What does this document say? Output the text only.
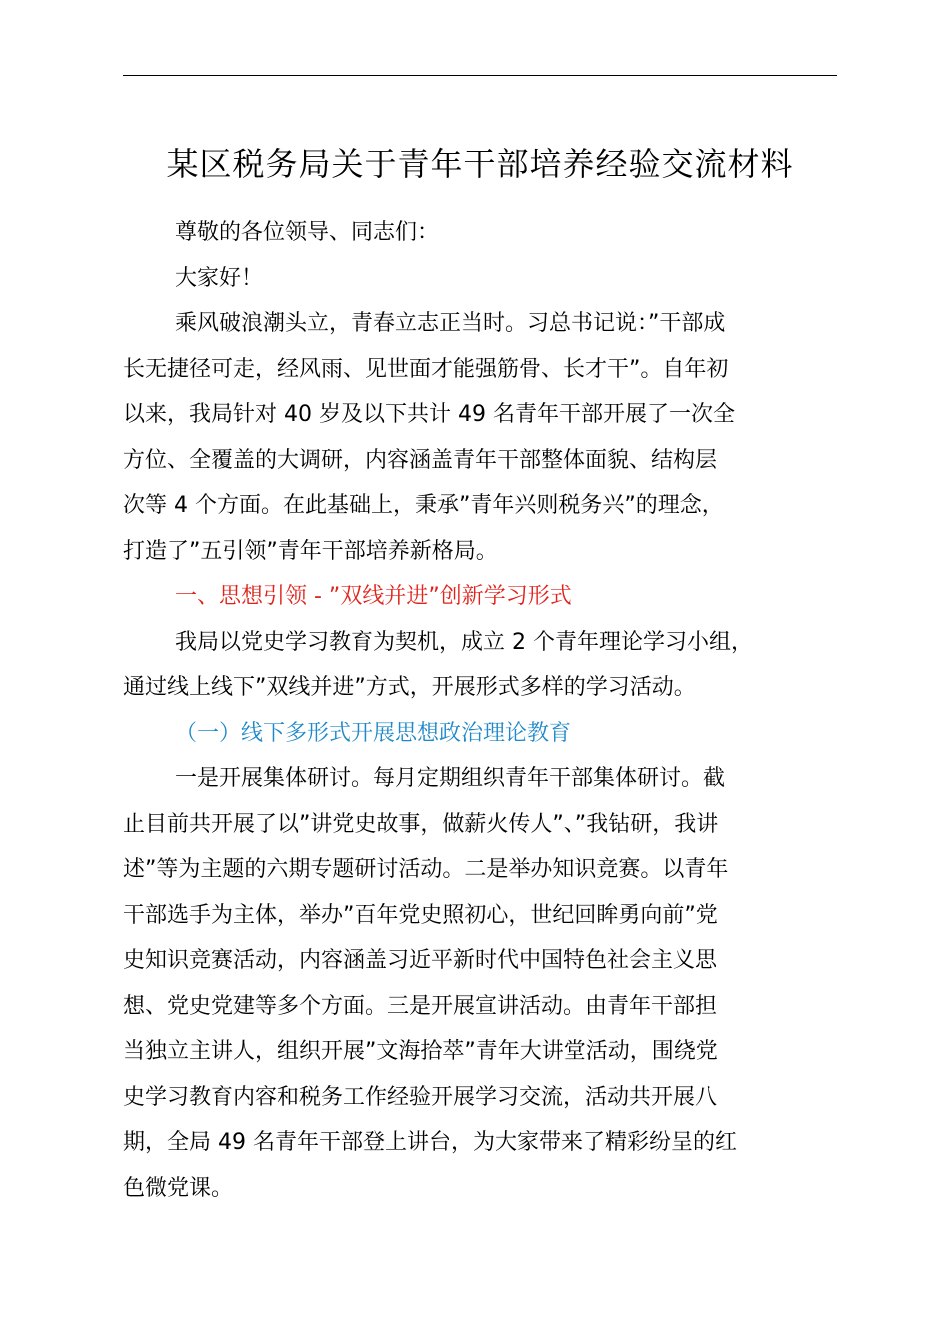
某区税务局关于青年干部培养经验交流材料
尊敬的各位领导、同志们：
大家好！
乘风破浪潮头立，青春立志正当时。习总书记说：”干部成
长无捷径可走，经风雨、见世面才能强筋骨、长才干”。自年初
以来，我局针对 40 岁及以下共计 49 名青年干部开展了一次全
方位、全覆盖的大调研，内容涵盖青年干部整体面貌、结构层
次等 4 个方面。在此基础上，秉承”青年兴则税务兴”的理念，
打造了”五引领”青年干部培养新格局。
一、思想引领 - ”双线并进”创新学习形式
我局以党史学习教育为契机，成立 2 个青年理论学习小组，
通过线上线下”双线并进”方式，开展形式多样的学习活动。
（一）线下多形式开展思想政治理论教育
一是开展集体研讨。每月定期组织青年干部集体研讨。截
止目前共开展了以”讲党史故事，做薪火传人”、”我钻研，我讲
述”等为主题的六期专题研讨活动。二是举办知识竞赛。以青年
干部选手为主体，举办”百年党史照初心，世纪回眸勇向前”党
史知识竞赛活动，内容涵盖习近平新时代中国特色社会主义思
想、党史党建等多个方面。三是开展宣讲活动。由青年干部担
当独立主讲人，组织开展”文海拾萃”青年大讲堂活动，围绕党
史学习教育内容和税务工作经验开展学习交流，活动共开展八
期，全局 49 名青年干部登上讲台，为大家带来了精彩纷呈的红
色微党课。
